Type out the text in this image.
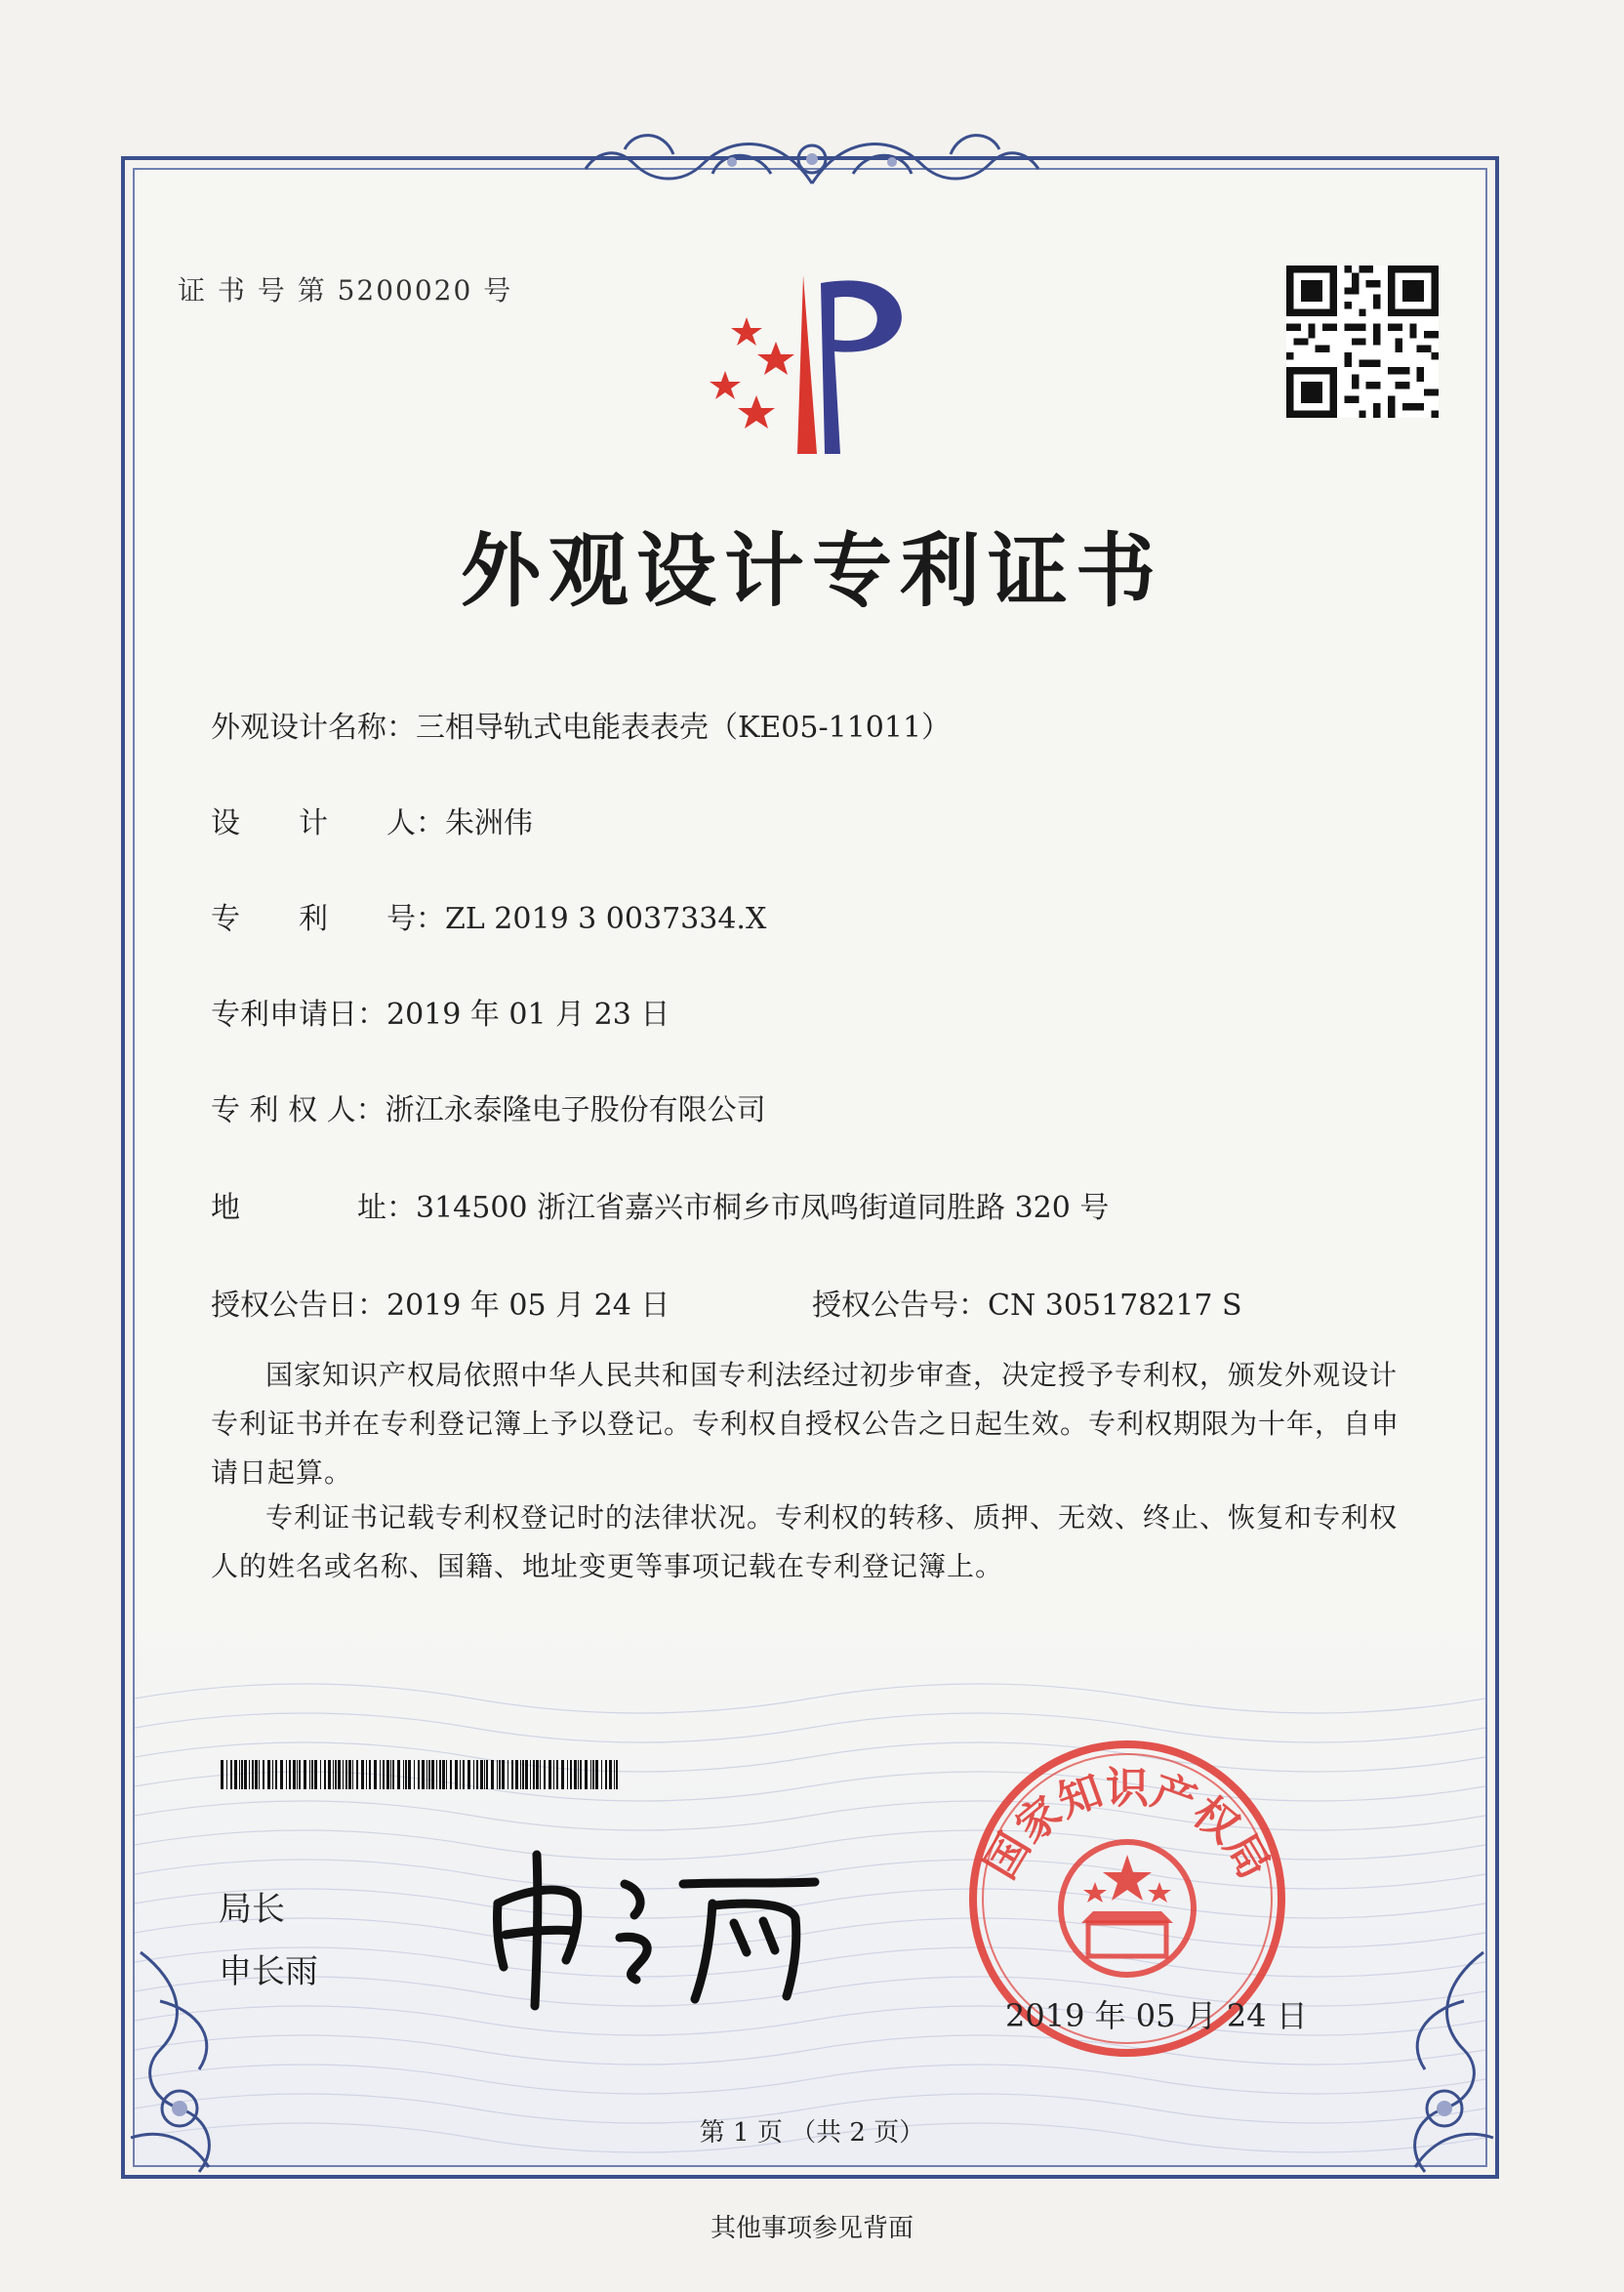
证 书 号 第 5200020 号
外观设计专利证书
外观设计名称：三相导轨式电能表表壳（KE05-11011）
设　　计　　人：朱洲伟
专　　利　　号：ZL 2019 3 0037334.X
专利申请日：2019 年 01 月 23 日
专 利 权 人：浙江永泰隆电子股份有限公司
地　　　　址：314500 浙江省嘉兴市桐乡市凤鸣街道同胜路 320 号
授权公告日：2019 年 05 月 24 日	授权公告号：CN 305178217 S

国家知识产权局依照中华人民共和国专利法经过初步审查，决定授予专利权，颁发外观设计专利证书并在专利登记簿上予以登记。专利权自授权公告之日起生效。专利权期限为十年，自申请日起算。

专利证书记载专利权登记时的法律状况。专利权的转移、质押、无效、终止、恢复和专利权人的姓名或名称、国籍、地址变更等事项记载在专利登记簿上。

局长
申长雨
国家知识产权局
2019 年 05 月 24 日
第 1 页 （共 2 页）
其他事项参见背面
